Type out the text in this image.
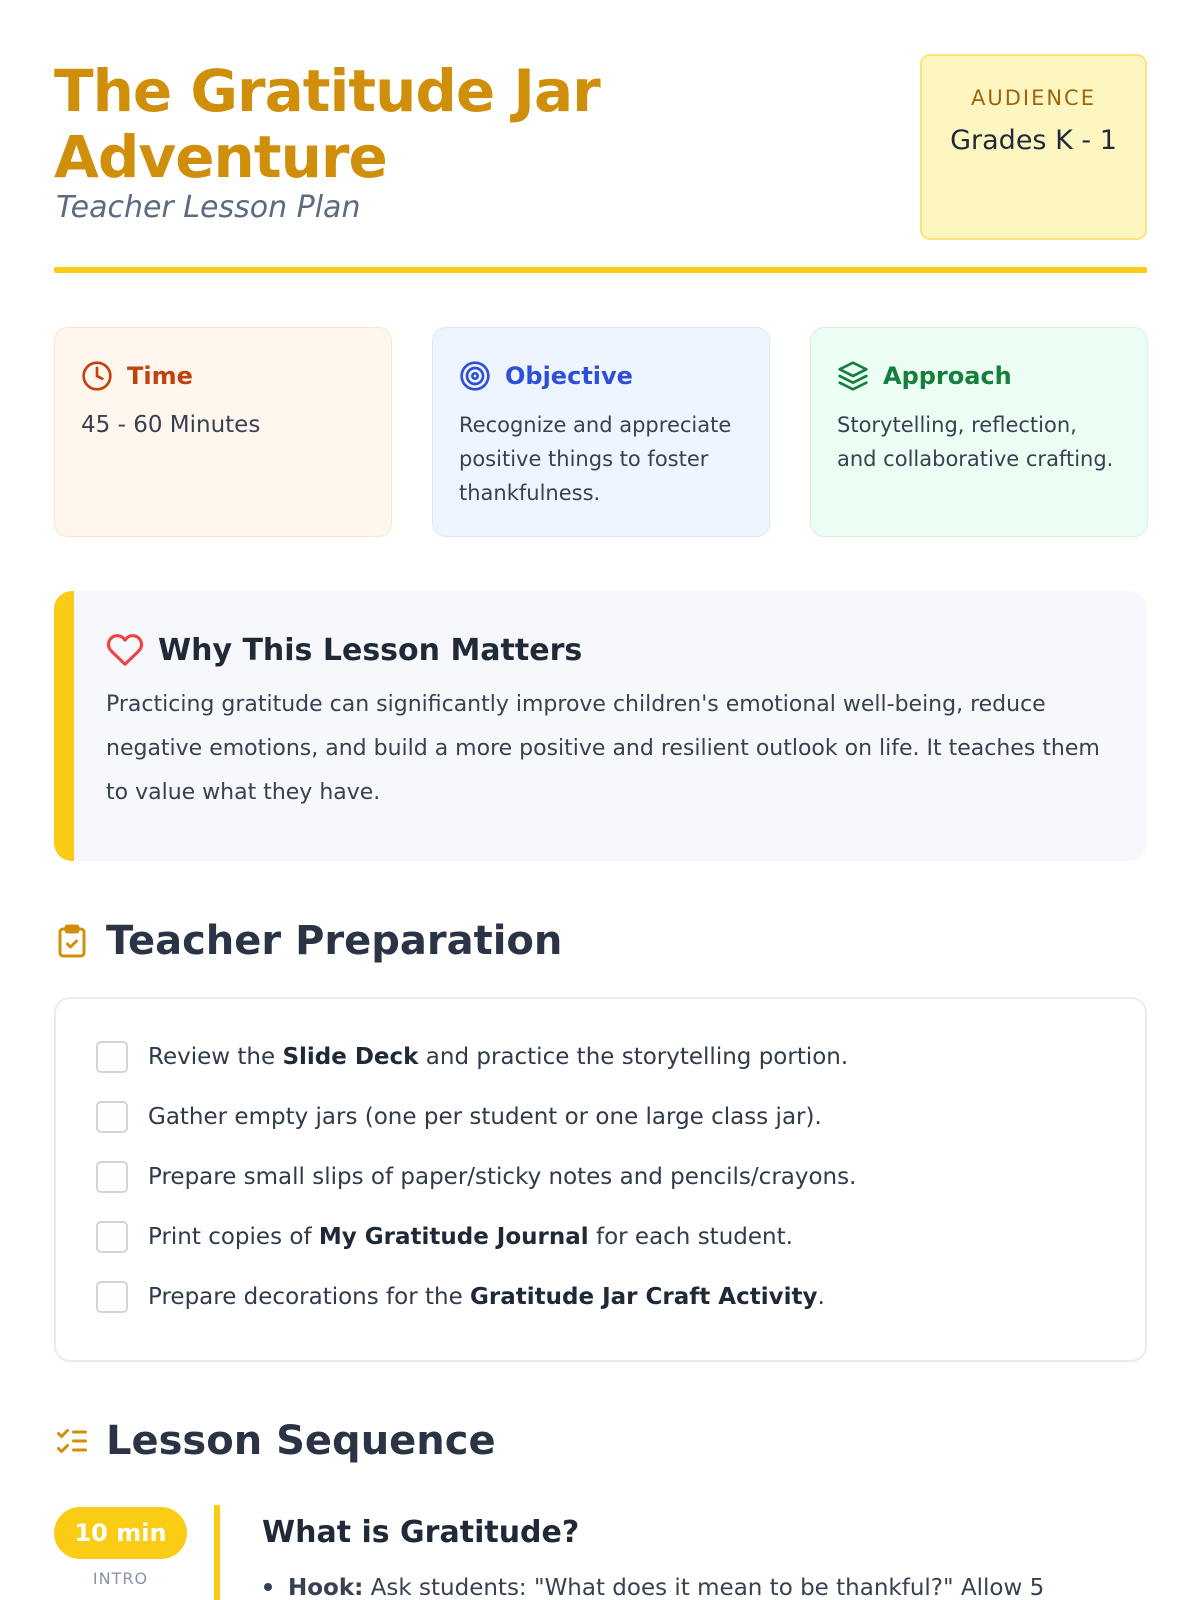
The Gratitude Jar Adventure
Teacher Lesson Plan
AUDIENCE
Grades K - 1
Time
45 - 60 Minutes
Objective
Recognize and appreciate positive things to foster thankfulness.
Approach
Storytelling, reflection, and collaborative crafting.
Why This Lesson Matters
Practicing gratitude can significantly improve children's emotional well-being, reduce negative emotions, and build a more positive and resilient outlook on life. It teaches them to value what they have.
Teacher Preparation
Review the Slide Deck and practice the storytelling portion.
Gather empty jars (one per student or one large class jar).
Prepare small slips of paper/sticky notes and pencils/crayons.
Print copies of My Gratitude Journal for each student.
Prepare decorations for the Gratitude Jar Craft Activity.
Lesson Sequence
10 min
INTRO
What is Gratitude?
Hook: Ask students: "What does it mean to be thankful?" Allow 5
